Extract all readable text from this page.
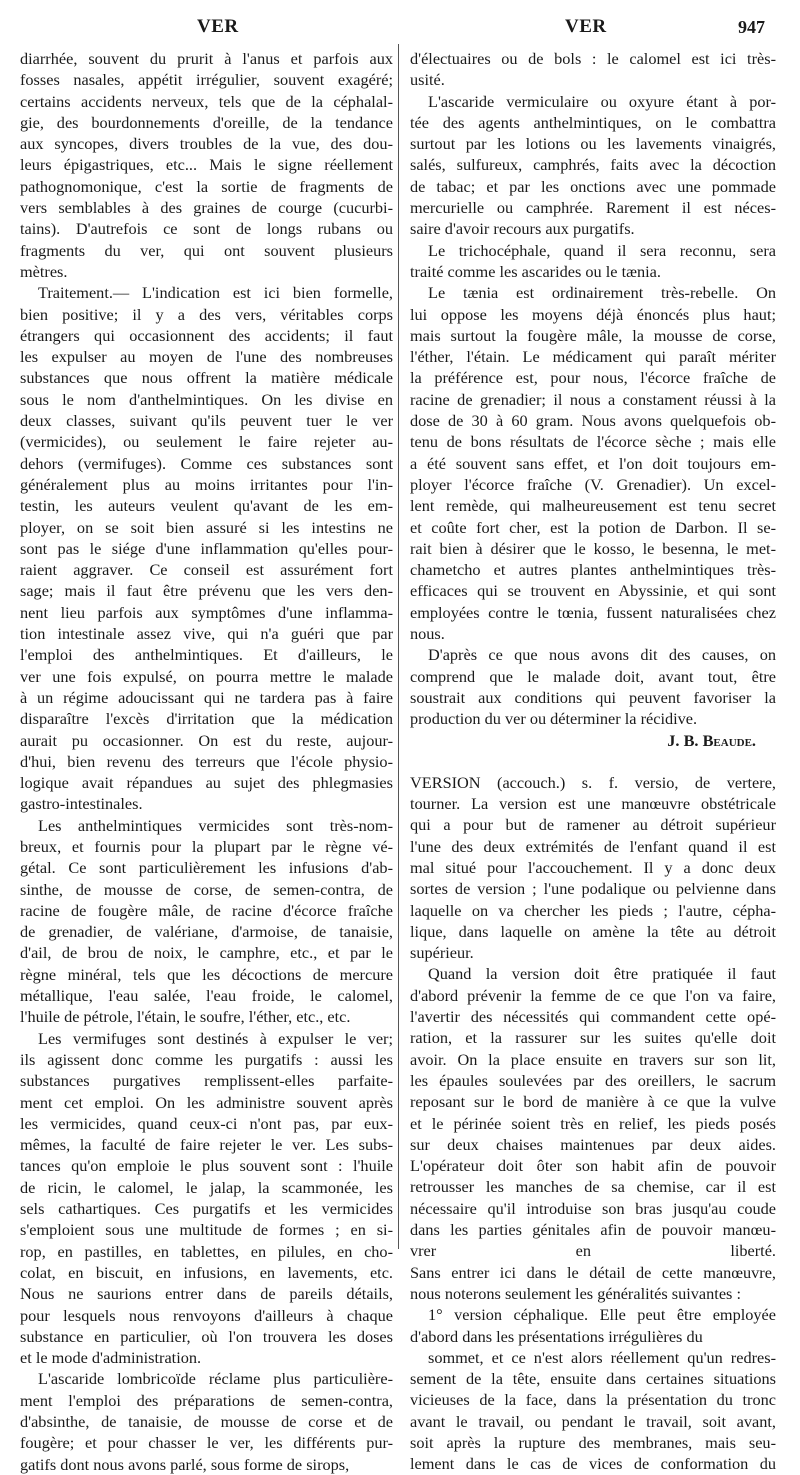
VER	VER	947
diarrhée, souvent du prurit à l'anus et parfois aux
fosses nasales, appétit irrégulier, souvent exagéré;
certains accidents nerveux, tels que de la céphalal-
gie, des bourdonnements d'oreille, de la tendance
aux syncopes, divers troubles de la vue, des dou-
leurs épigastriques, etc... Mais le signe réellement
pathognomonique, c'est la sortie de fragments de
vers semblables à des graines de courge (cucurbi-
tains). D'autrefois ce sont de longs rubans ou
fragments du ver, qui ont souvent plusieurs
mètres.
Traitement.— L'indication est ici bien formelle,
bien positive; il y a des vers, véritables corps
étrangers qui occasionnent des accidents; il faut
les expulser au moyen de l'une des nombreuses
substances que nous offrent la matière médicale
sous le nom d'anthelmintiques. On les divise en
deux classes, suivant qu'ils peuvent tuer le ver
(vermicides), ou seulement le faire rejeter au-
dehors (vermifuges). Comme ces substances sont
généralement plus au moins irritantes pour l'in-
testin, les auteurs veulent qu'avant de les em-
ployer, on se soit bien assuré si les intestins ne
sont pas le siége d'une inflammation qu'elles pour-
raient aggraver. Ce conseil est assurément fort
sage; mais il faut être prévenu que les vers den-
nent lieu parfois aux symptômes d'une inflamma-
tion intestinale assez vive, qui n'a guéri que par
l'emploi des anthelmintiques. Et d'ailleurs, le
ver une fois expulsé, on pourra mettre le malade
à un régime adoucissant qui ne tardera pas à faire
disparaître l'excès d'irritation que la médication
aurait pu occasionner. On est du reste, aujour-
d'hui, bien revenu des terreurs que l'école physio-
logique avait répandues au sujet des phlegmasies
gastro-intestinales.
Les anthelmintiques vermicides sont très-nom-
breux, et fournis pour la plupart par le règne vé-
gétal. Ce sont particulièrement les infusions d'ab-
sinthe, de mousse de corse, de semen-contra, de
racine de fougère mâle, de racine d'écorce fraîche
de grenadier, de valériane, d'armoise, de tanaisie,
d'ail, de brou de noix, le camphre, etc., et par le
règne minéral, tels que les décoctions de mercure
métallique, l'eau salée, l'eau froide, le calomel,
l'huile de pétrole, l'étain, le soufre, l'éther, etc., etc.
Les vermifuges sont destinés à expulser le ver;
ils agissent donc comme les purgatifs : aussi les
substances purgatives remplissent-elles parfaite-
ment cet emploi. On les administre souvent après
les vermicides, quand ceux-ci n'ont pas, par eux-
mêmes, la faculté de faire rejeter le ver. Les subs-
tances qu'on emploie le plus souvent sont : l'huile
de ricin, le calomel, le jalap, la scammonée, les
sels cathartiques. Ces purgatifs et les vermicides
s'emploient sous une multitude de formes ; en si-
rop, en pastilles, en tablettes, en pilules, en cho-
colat, en biscuit, en infusions, en lavements, etc.
Nous ne saurions entrer dans de pareils détails,
pour lesquels nous renvoyons d'ailleurs à chaque
substance en particulier, où l'on trouvera les doses
et le mode d'administration.
L'ascaride lombricoïde réclame plus particulière-
ment l'emploi des préparations de semen-contra,
d'absinthe, de tanaisie, de mousse de corse et de
fougère; et pour chasser le ver, les différents pur-
gatifs dont nous avons parlé, sous forme de sirops,
d'électuaires ou de bols : le calomel est ici très-
usité.
L'ascaride vermiculaire ou oxyure étant à por-
tée des agents anthelmintiques, on le combattra
surtout par les lotions ou les lavements vinaigrés,
salés, sulfureux, camphrés, faits avec la décoction
de tabac; et par les onctions avec une pommade
mercurielle ou camphrée. Rarement il est néces-
saire d'avoir recours aux purgatifs.
Le trichocéphale, quand il sera reconnu, sera
traité comme les ascarides ou le tænia.
Le tænia est ordinairement très-rebelle. On
lui oppose les moyens déjà énoncés plus haut;
mais surtout la fougère mâle, la mousse de corse,
l'éther, l'étain. Le médicament qui paraît mériter
la préférence est, pour nous, l'écorce fraîche de
racine de grenadier; il nous a constament réussi à la
dose de 30 à 60 gram. Nous avons quelquefois ob-
tenu de bons résultats de l'écorce sèche ; mais elle
a été souvent sans effet, et l'on doit toujours em-
ployer l'écorce fraîche (V. Grenadier). Un excel-
lent remède, qui malheureusement est tenu secret
et coûte fort cher, est la potion de Darbon. Il se-
rait bien à désirer que le kosso, le besenna, le met-
chametcho et autres plantes anthelmintiques très-
efficaces qui se trouvent en Abyssinie, et qui sont
employées contre le tœnia, fussent naturalisées chez
nous.
D'après ce que nous avons dit des causes, on
comprend que le malade doit, avant tout, être
soustrait aux conditions qui peuvent favoriser la
production du ver ou déterminer la récidive.
J. B. Beaude.
VERSION (accouch.) s. f. versio, de vertere,
tourner. La version est une manœuvre obstétricale
qui a pour but de ramener au détroit supérieur
l'une des deux extrémités de l'enfant quand il est
mal situé pour l'accouchement. Il y a donc deux
sortes de version ; l'une podalique ou pelvienne dans
laquelle on va chercher les pieds ; l'autre, cépha-
lique, dans laquelle on amène la tête au détroit
supérieur.
Quand la version doit être pratiquée il faut
d'abord prévenir la femme de ce que l'on va faire,
l'avertir des nécessités qui commandent cette opé-
ration, et la rassurer sur les suites qu'elle doit
avoir. On la place ensuite en travers sur son lit,
les épaules soulevées par des oreillers, le sacrum
reposant sur le bord de manière à ce que la vulve
et le périnée soient très en relief, les pieds posés
sur deux chaises maintenues par deux aides.
L'opérateur doit ôter son habit afin de pouvoir
retrousser les manches de sa chemise, car il est
nécessaire qu'il introduise son bras jusqu'au coude
dans les parties génitales afin de pouvoir manœu-
vrer en liberté.
Sans entrer ici dans le détail de cette manœuvre,
nous noterons seulement les généralités suivantes :
1° version céphalique. Elle peut être employée
d'abord dans les présentations irrégulières du
sommet, et ce n'est alors réellement qu'un redres-
sement de la tête, ensuite dans certaines situations
vicieuses de la face, dans la présentation du tronc
avant le travail, ou pendant le travail, soit avant,
soit après la rupture des membranes, mais seu-
lement dans le cas de vices de conformation du
